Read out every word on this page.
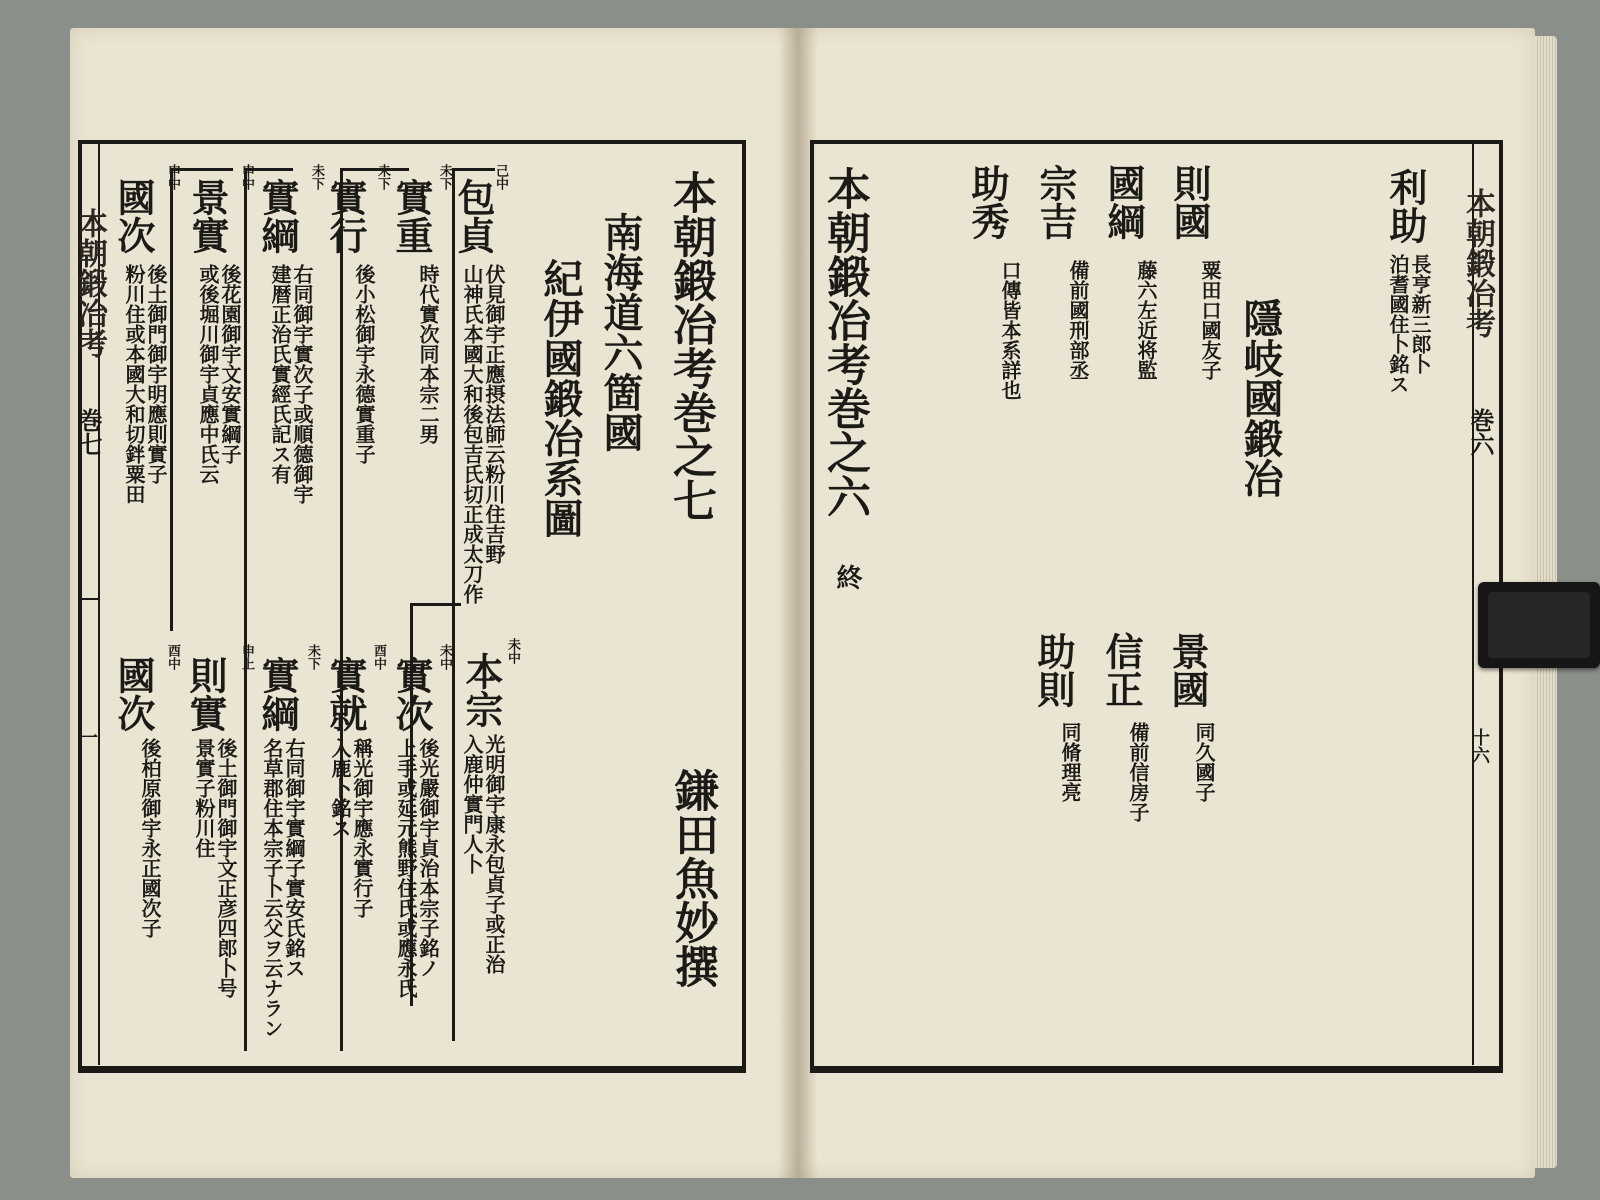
本朝鍛冶考
巻七
一
本朝鍛冶考巻之七
南海道六箇國
紀伊國鍛冶系圖
鎌田魚妙撰
己中
包貞
伏見御宇正應摂法師云粉川住吉野
山神氏本國大和後包吉氏切正成太刀作
未下
實重
時代實次同本宗二男
未下
實行
後小松御宇永德實重子
未下
實綱
右同御宇實次子或順德御宇
建暦正治氏實經氏記ス有
申中
景實
後花園御宇文安實綱子
或後堀川御宇貞應中氏云
申中
國次
後土御門御宇明應則實子
粉川住或本國大和切鉡粟田
未中
本宗
光明御宇康永包貞子或正治
入鹿仲實門人卜
未中
實次
後光嚴御宇貞治本宗子銘ノ
上手或延元熊野住氏或應永氏
酉中
實就
稱光御宇應永實行子
入鹿卜銘ス
未下
實綱
右同御宇實綱子實安氏銘ス
名草郡住本宗子卜云父ヲ云ナラン
申上
則實
後土御門御宇文正彦四郎卜号
景實子粉川住
酉中
國次
後柏原御宇永正國次子

本朝鍛冶考
巻六
十六
本朝鍛冶考巻之六
終
利助
長亨新三郎卜
泊耆國住卜銘ス
隱岐國鍛冶
則國
粟田口國友子
國綱
藤六左近将監
宗吉
備前國刑部丞
助秀
口傳皆本系詳也
景國
同久國子
信正
備前信房子
助則
同脩理亮
